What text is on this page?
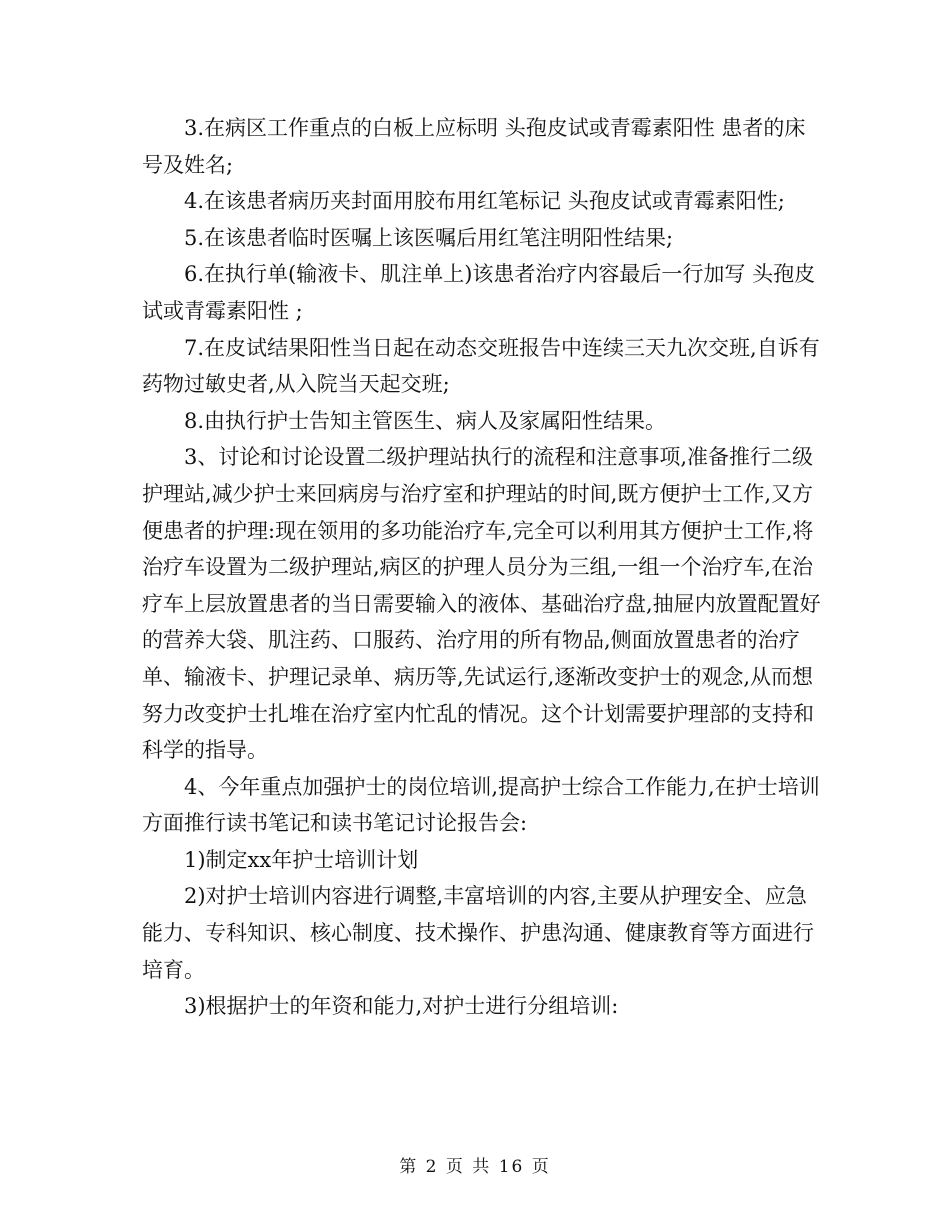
3.在病区工作重点的白板上应标明 头孢皮试或青霉素阳性 患者的床号及姓名;

4.在该患者病历夹封面用胶布用红笔标记 头孢皮试或青霉素阳性;

5.在该患者临时医嘱上该医嘱后用红笔注明阳性结果;

6.在执行单(输液卡、肌注单上)该患者治疗内容最后一行加写 头孢皮试或青霉素阳性 ;

7.在皮试结果阳性当日起在动态交班报告中连续三天九次交班,自诉有药物过敏史者,从入院当天起交班;

8.由执行护士告知主管医生、病人及家属阳性结果。

3、讨论和讨论设置二级护理站执行的流程和注意事项,准备推行二级护理站,减少护士来回病房与治疗室和护理站的时间,既方便护士工作,又方便患者的护理:现在领用的多功能治疗车,完全可以利用其方便护士工作,将治疗车设置为二级护理站,病区的护理人员分为三组,一组一个治疗车,在治疗车上层放置患者的当日需要输入的液体、基础治疗盘,抽屉内放置配置好的营养大袋、肌注药、口服药、治疗用的所有物品,侧面放置患者的治疗单、输液卡、护理记录单、病历等,先试运行,逐渐改变护士的观念,从而想努力改变护士扎堆在治疗室内忙乱的情况。这个计划需要护理部的支持和科学的指导。

4、今年重点加强护士的岗位培训,提高护士综合工作能力,在护士培训方面推行读书笔记和读书笔记讨论报告会:

1)制定xx年护士培训计划

2)对护士培训内容进行调整,丰富培训的内容,主要从护理安全、应急能力、专科知识、核心制度、技术操作、护患沟通、健康教育等方面进行培育。

3)根据护士的年资和能力,对护士进行分组培训:

第 2 页 共 16 页
